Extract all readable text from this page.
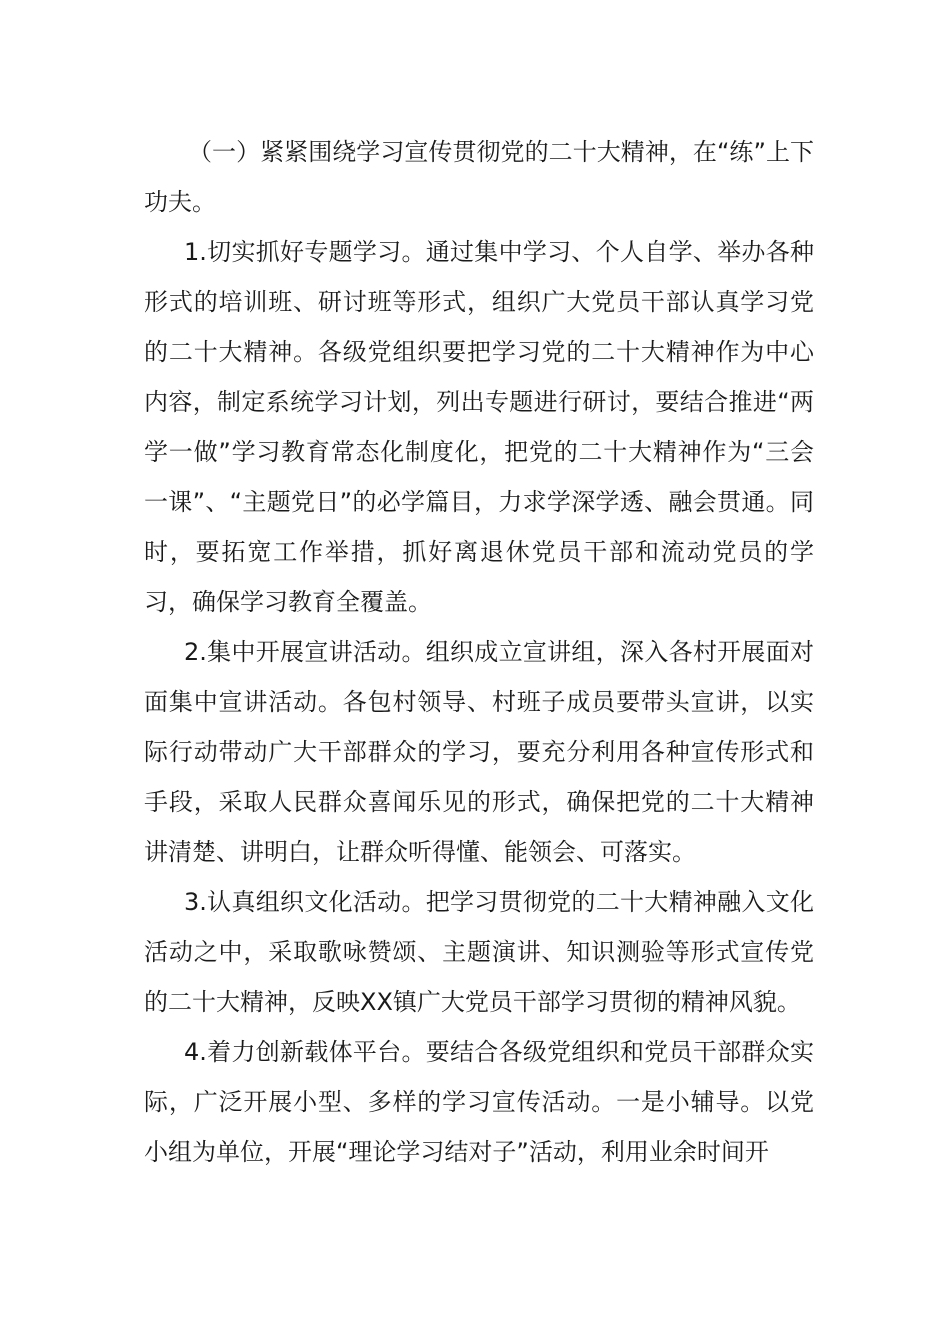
（一）紧紧围绕学习宣传贯彻党的二十大精神，在“练”上下功夫。

1.切实抓好专题学习。通过集中学习、个人自学、举办各种形式的培训班、研讨班等形式，组织广大党员干部认真学习党的二十大精神。各级党组织要把学习党的二十大精神作为中心内容，制定系统学习计划，列出专题进行研讨，要结合推进“两学一做”学习教育常态化制度化，把党的二十大精神作为“三会一课”、“主题党日”的必学篇目，力求学深学透、融会贯通。同时，要拓宽工作举措，抓好离退休党员干部和流动党员的学习，确保学习教育全覆盖。

2.集中开展宣讲活动。组织成立宣讲组，深入各村开展面对面集中宣讲活动。各包村领导、村班子成员要带头宣讲，以实际行动带动广大干部群众的学习，要充分利用各种宣传形式和手段，采取人民群众喜闻乐见的形式，确保把党的二十大精神讲清楚、讲明白，让群众听得懂、能领会、可落实。

3.认真组织文化活动。把学习贯彻党的二十大精神融入文化活动之中，采取歌咏赞颂、主题演讲、知识测验等形式宣传党的二十大精神，反映XX镇广大党员干部学习贯彻的精神风貌。

4.着力创新载体平台。要结合各级党组织和党员干部群众实际，广泛开展小型、多样的学习宣传活动。一是小辅导。以党小组为单位，开展“理论学习结对子”活动，利用业余时间开
